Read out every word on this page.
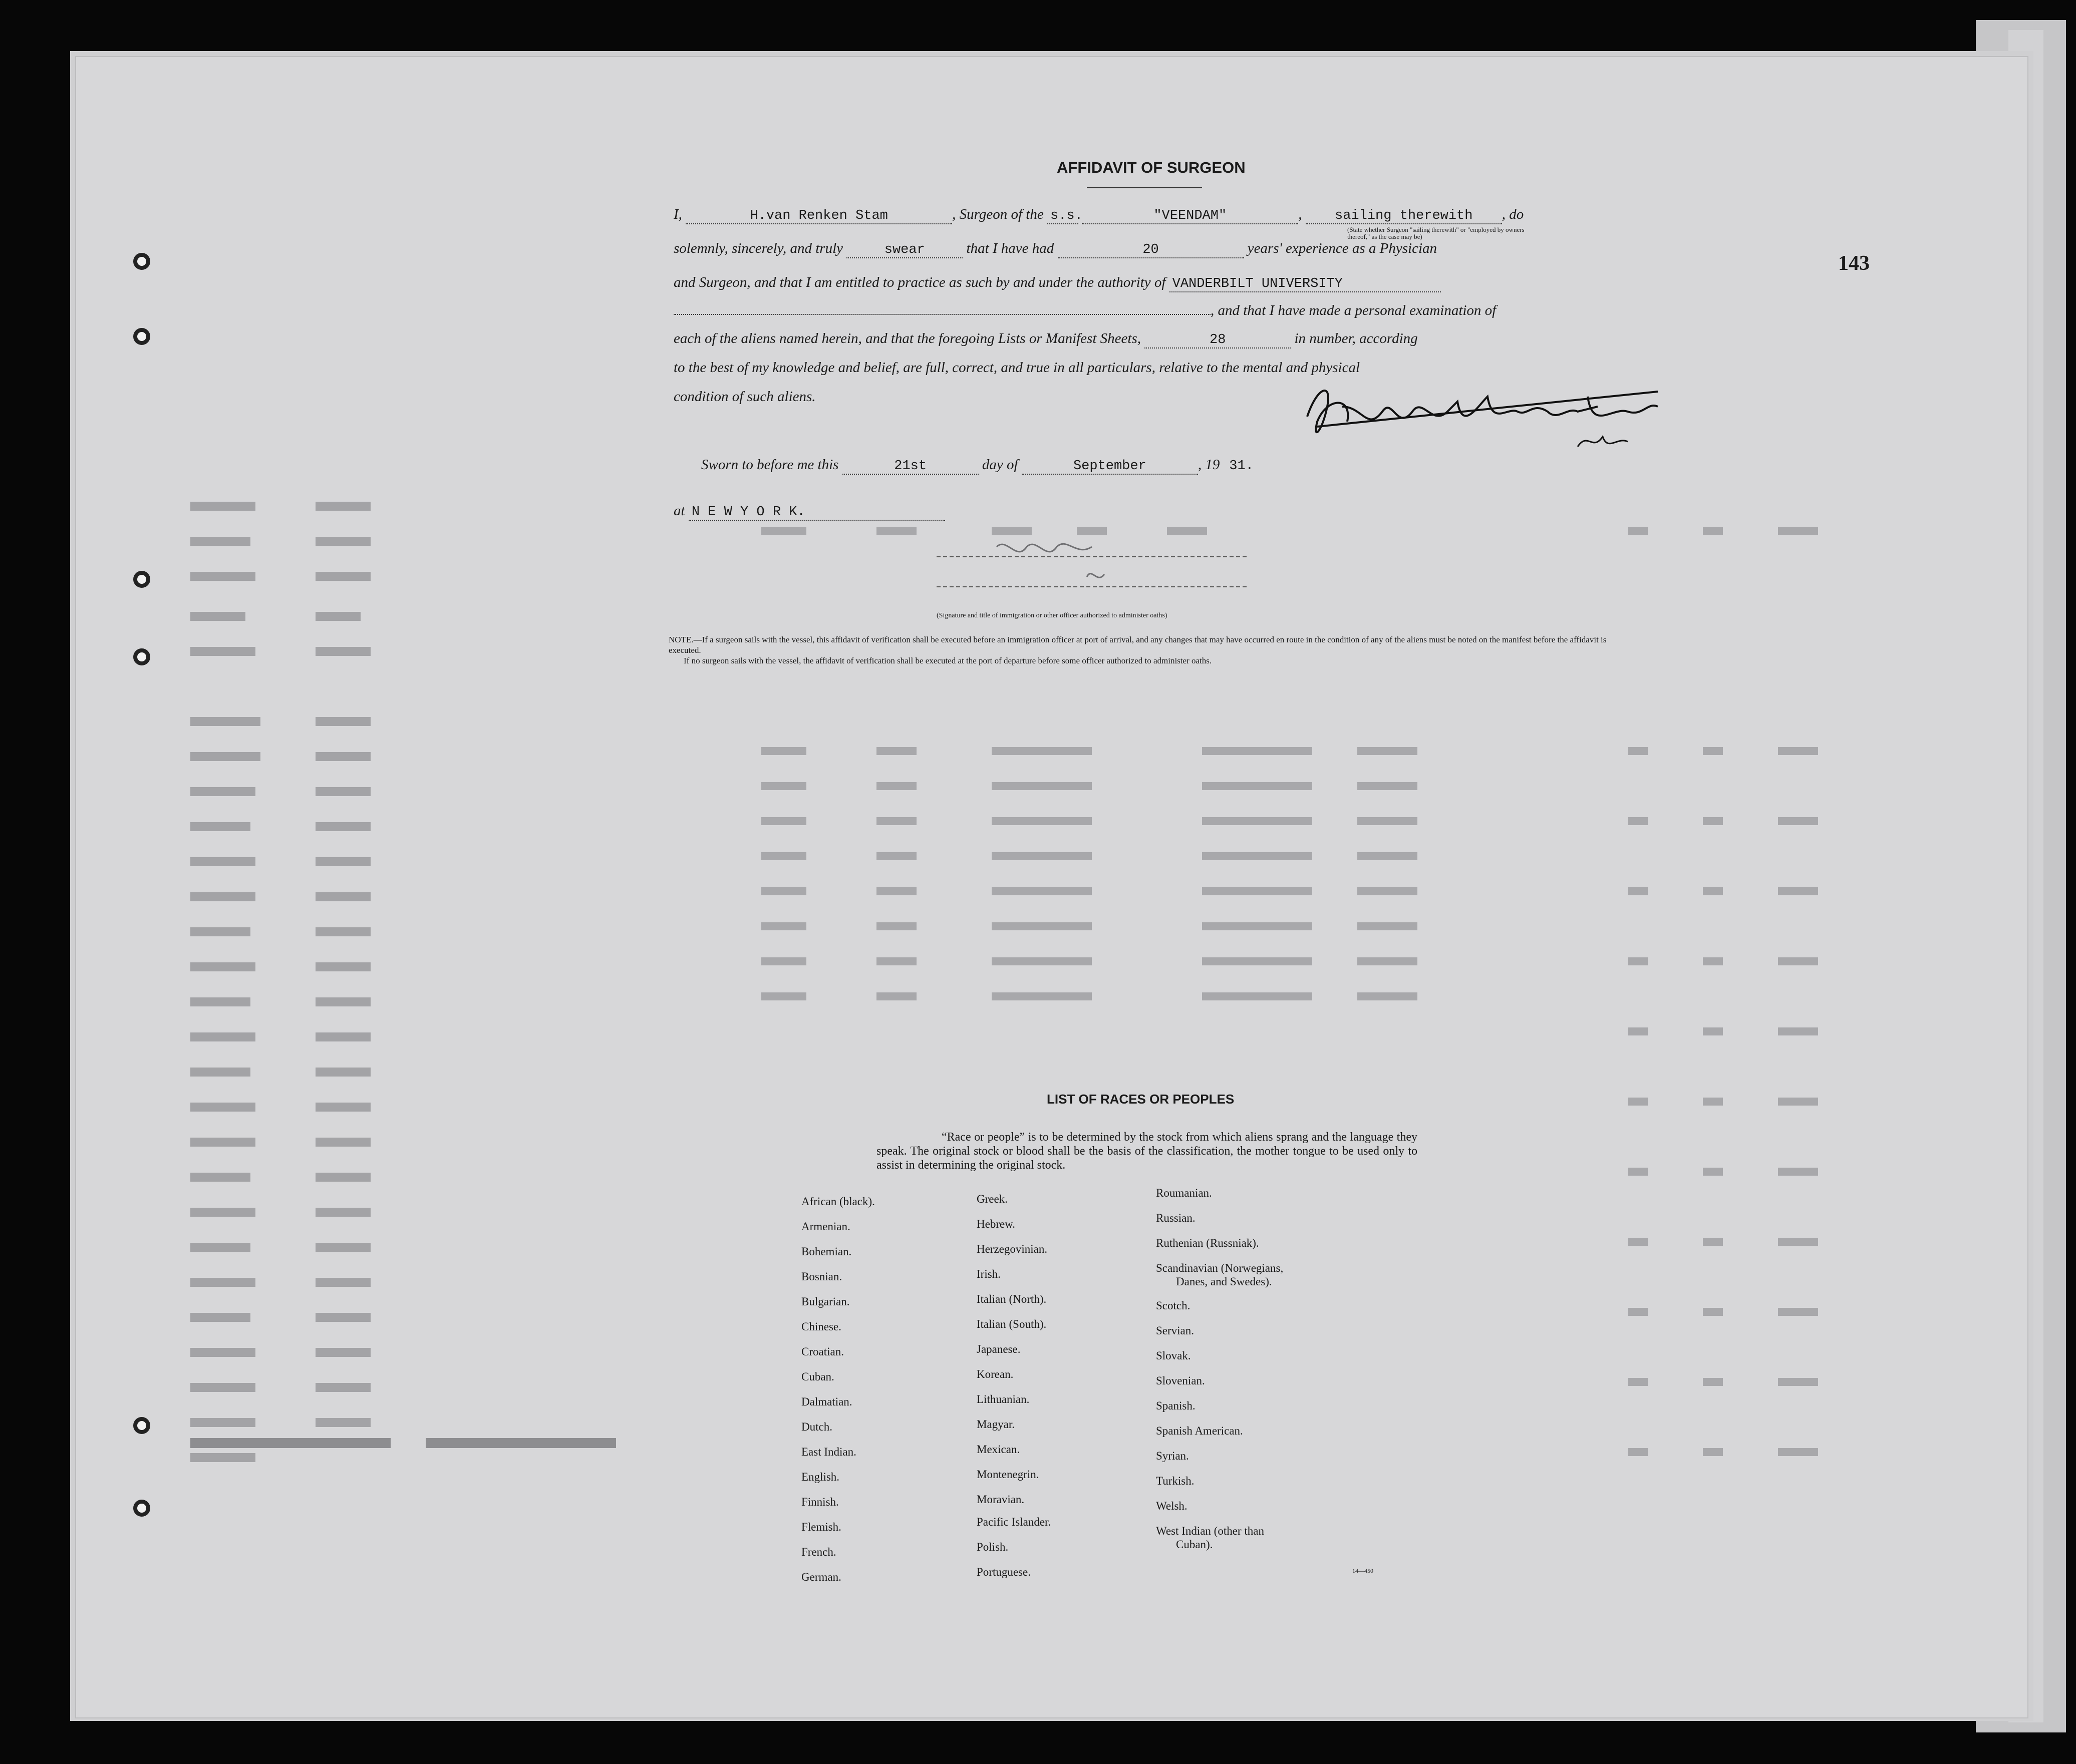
143
AFFIDAVIT OF SURGEON
I,	H.van Renken Stam	, Surgeon of the s.s.	"VEENDAM"	, sailing therewith , do
(State whether Surgeon "sailing therewith" or "employed by owners thereof," as the case may be)
solemnly, sincerely, and truly	swear	that I have had	20	years' experience as a Physician
and Surgeon, and that I am entitled to practice as such by and under the authority of VANDERBILT UNIVERSITY
, and that I have made a personal examination of
each of the aliens named herein, and that the foregoing Lists or Manifest Sheets,	28	in number, according
to the best of my knowledge and belief, are full, correct, and true in all particulars, relative to the mental and physical
condition of such aliens.
Sworn to before me this	21st	day of	September	, 19 31.
at N E W Y O R K.
(Signature and title of immigration or other officer authorized to administer oaths)
NOTE.—If a surgeon sails with the vessel, this affidavit of verification shall be executed before an immigration officer at port of arrival, and any changes that may have occurred en route in the condition of any of the aliens must be noted on the manifest before the affidavit is executed.
If no surgeon sails with the vessel, the affidavit of verification shall be executed at the port of departure before some officer authorized to administer oaths.
LIST OF RACES OR PEOPLES
“Race or people” is to be determined by the stock from which aliens sprang and the language they speak. The original stock or blood shall be the basis of the classification, the mother tongue to be used only to assist in determining the original stock.
African (black).
Armenian.
Bohemian.
Bosnian.
Bulgarian.
Chinese.
Croatian.
Cuban.
Dalmatian.
Dutch.
East Indian.
English.
Finnish.
Flemish.
French.
German.
Greek.
Hebrew.
Herzegovinian.
Irish.
Italian (North).
Italian (South).
Japanese.
Korean.
Lithuanian.
Magyar.
Mexican.
Montenegrin.
Moravian.
Pacific Islander.
Polish.
Portuguese.
Roumanian.
Russian.
Ruthenian (Russniak).
Scandinavian (Norwegians,
Danes, and Swedes).
Scotch.
Servian.
Slovak.
Slovenian.
Spanish.
Spanish American.
Syrian.
Turkish.
Welsh.
West Indian (other than
Cuban).
14—450
